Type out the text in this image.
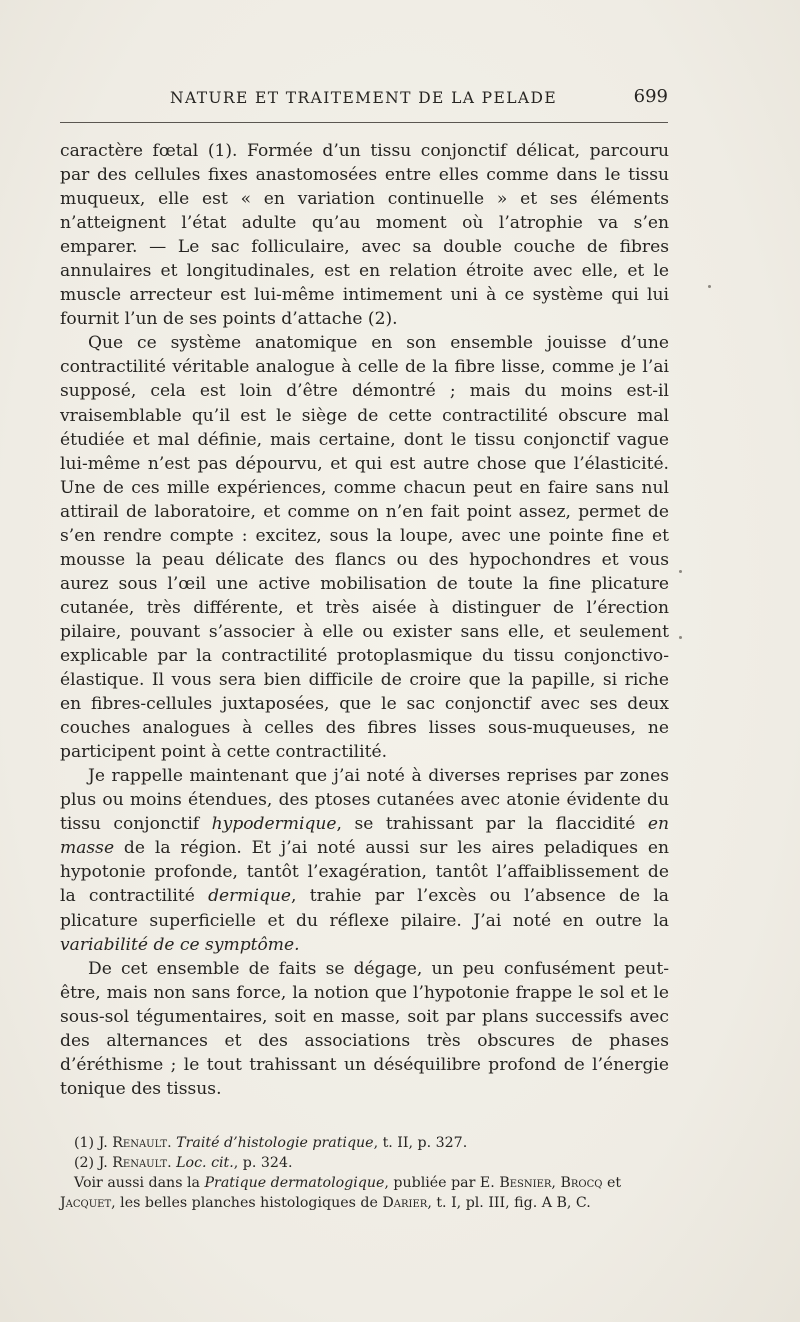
NATURE ET TRAITEMENT DE LA PELADE	699

caractère fœtal (1). Formée d’un tissu conjonctif délicat, parcouru par des cellules fixes anastomosées entre elles comme dans le tissu muqueux, elle est « en variation continuelle » et ses éléments n’atteignent l’état adulte qu’au moment où l’atrophie va s’en emparer. — Le sac folliculaire, avec sa double couche de fibres annulaires et longitudinales, est en relation étroite avec elle, et le muscle arrecteur est lui-même intimement uni à ce système qui lui fournit l’un de ses points d’attache (2).

Que ce système anatomique en son ensemble jouisse d’une contractilité véritable analogue à celle de la fibre lisse, comme je l’ai supposé, cela est loin d’être démontré ; mais du moins est-il vraisemblable qu’il est le siège de cette contractilité obscure mal étudiée et mal définie, mais certaine, dont le tissu conjonctif vague lui-même n’est pas dépourvu, et qui est autre chose que l’élasticité. Une de ces mille expériences, comme chacun peut en faire sans nul attirail de laboratoire, et comme on n’en fait point assez, permet de s’en rendre compte : excitez, sous la loupe, avec une pointe fine et mousse la peau délicate des flancs ou des hypochondres et vous aurez sous l’œil une active mobilisation de toute la fine plicature cutanée, très différente, et très aisée à distinguer de l’érection pilaire, pouvant s’associer à elle ou exister sans elle, et seulement explicable par la contractilité protoplasmique du tissu conjonctivo-élastique. Il vous sera bien difficile de croire que la papille, si riche en fibres-cellules juxtaposées, que le sac conjonctif avec ses deux couches analogues à celles des fibres lisses sous-muqueuses, ne participent point à cette contractilité.

Je rappelle maintenant que j’ai noté à diverses reprises par zones plus ou moins étendues, des ptoses cutanées avec atonie évidente du tissu conjonctif hypodermique, se trahissant par la flaccidité en masse de la région. Et j’ai noté aussi sur les aires peladiques en hypotonie profonde, tantôt l’exagération, tantôt l’affaiblissement de la contractilité dermique, trahie par l’excès ou l’absence de la plicature superficielle et du réflexe pilaire. J’ai noté en outre la variabilité de ce symptôme.

De cet ensemble de faits se dégage, un peu confusément peut-être, mais non sans force, la notion que l’hypotonie frappe le sol et le sous-sol tégumentaires, soit en masse, soit par plans successifs avec des alternances et des associations très obscures de phases d’éréthisme ; le tout trahissant un déséquilibre profond de l’énergie tonique des tissus.

(1) J. Renault. Traité d’histologie pratique, t. II, p. 327.

(2) J. Renault. Loc. cit., p. 324.

Voir aussi dans la Pratique dermatologique, publiée par E. Besnier, Brocq et

Jacquet, les belles planches histologiques de Darier, t. I, pl. III, fig. A B, C.
